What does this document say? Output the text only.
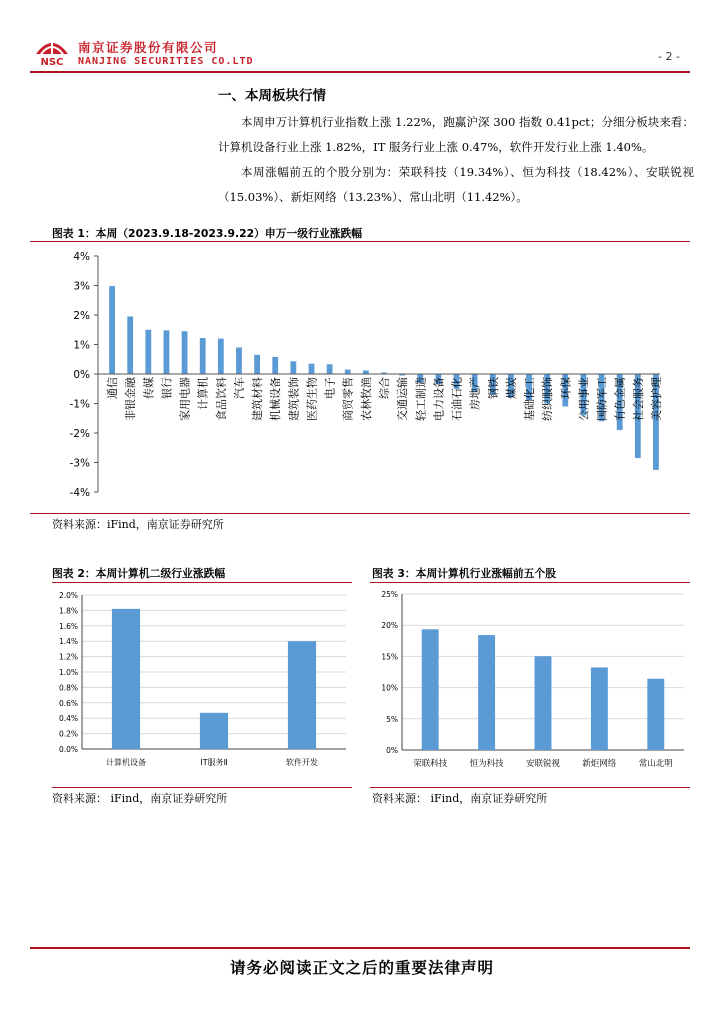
NSC
南京证券股份有限公司
NANJING SECURITIES CO.LTD	- 2 -
一、本周板块行情

本周申万计算机行业指数上涨 1.22%，跑赢沪深 300 指数 0.41pct；分细分板块来看：计算机设备行业上涨 1.82%，IT 服务行业上涨 0.47%，软件开发行业上涨 1.40%。

本周涨幅前五的个股分别为：荣联科技（19.34%）、恒为科技（18.42%）、安联锐视（15.03%）、新炬网络（13.23%）、常山北明（11.42%）。

图表 1：本周（2023.9.18-2023.9.22）申万一级行业涨跌幅
-4%
-3%
-2%
-1%
0%
1%
2%
3%
4%
通信 非银金融 传媒 银行 家用电器 计算机 食品饮料 汽车 建筑材料 机械设备 建筑装饰 医药生物 电子 商贸零售 农林牧渔 综合 交通运输 轻工制造 电力设备 石油石化 房地产 钢铁 煤炭 基础化工 纺织服饰 环保 公用事业 国防军工 有色金属 社会服务 美容护理
资料来源：iFind，南京证券研究所
图表 2：本周计算机二级行业涨跌幅
0.0%
0.2%
0.4%
0.6%
0.8%
1.0%
1.2%
1.4%
1.6%
1.8%
2.0%
计算机设备	IT服务Ⅱ	软件开发
资料来源： iFind，南京证券研究所
图表 3：本周计算机行业涨幅前五个股
0%
5%
10%
15%
20%
25%
荣联科技	恒为科技	安联锐视	新炬网络	常山北明
资料来源： iFind，南京证券研究所
请务必阅读正文之后的重要法律声明
